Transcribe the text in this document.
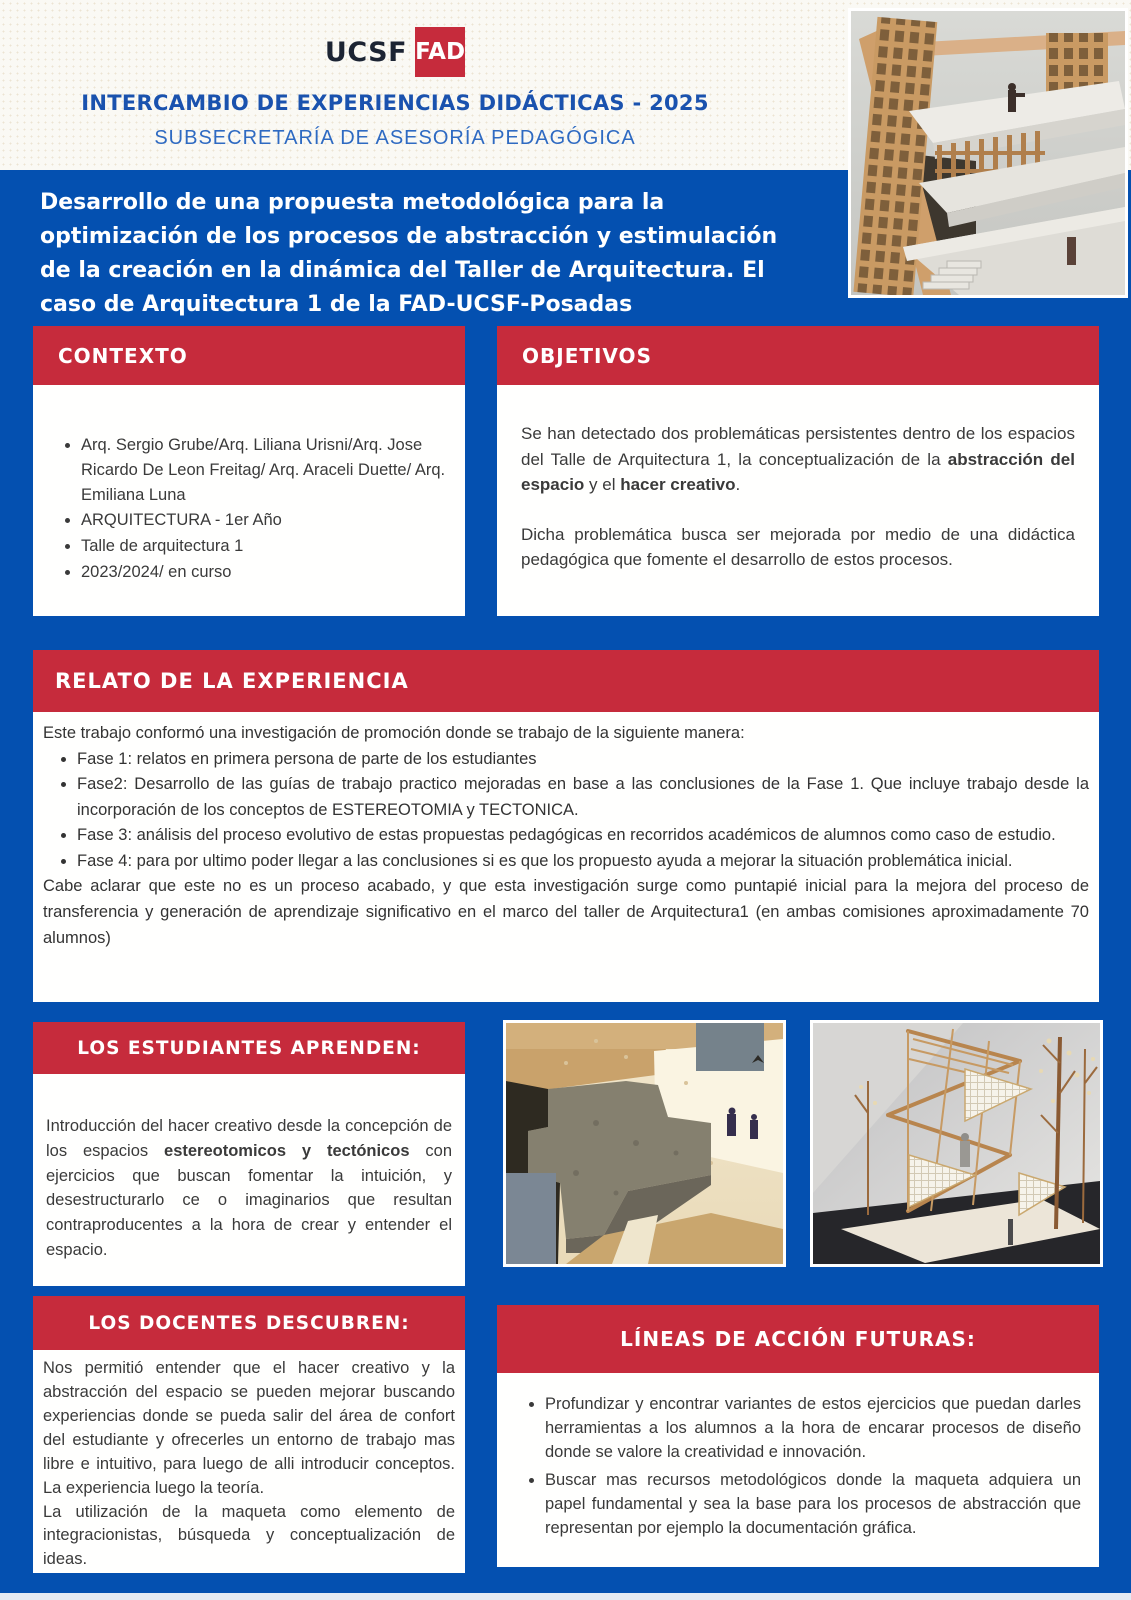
UCSF FAD
INTERCAMBIO DE EXPERIENCIAS DIDÁCTICAS - 2025
SUBSECRETARÍA DE ASESORÍA PEDAGÓGICA
Desarrollo de una propuesta metodológica para la optimización de los procesos de abstracción y estimulación de la creación en la dinámica del Taller de Arquitectura. El caso de Arquitectura 1 de la FAD-UCSF-Posadas
CONTEXTO
• Arq. Sergio Grube/Arq. Liliana Urisni/Arq. Jose Ricardo De Leon Freitag/ Arq. Araceli Duette/ Arq. Emiliana Luna
• ARQUITECTURA - 1er Año
• Talle de arquitectura 1
• 2023/2024/ en curso
OBJETIVOS

Se han detectado dos problemáticas persistentes dentro de los espacios del Talle de Arquitectura 1, la conceptualización de la abstracción del espacio y el hacer creativo.

Dicha problemática busca ser mejorada por medio de una didáctica pedagógica que fomente el desarrollo de estos procesos.

RELATO DE LA EXPERIENCIA
Este trabajo conformó una investigación de promoción donde se trabajo de la siguiente manera:
• Fase 1: relatos en primera persona de parte de los estudiantes
• Fase2: Desarrollo de las guías de trabajo practico mejoradas en base a las conclusiones de la Fase 1. Que incluye trabajo desde la incorporación de los conceptos de ESTEREOTOMIA y TECTONICA.
• Fase 3: análisis del proceso evolutivo de estas propuestas pedagógicas en recorridos académicos de alumnos como caso de estudio.
• Fase 4: para por ultimo poder llegar a las conclusiones si es que los propuesto ayuda a mejorar la situación problemática inicial.
Cabe aclarar que este no es un proceso acabado, y que esta investigación surge como puntapié inicial para la mejora del proceso de transferencia y generación de aprendizaje significativo en el marco del taller de Arquitectura1 (en ambas comisiones aproximadamente 70 alumnos)
LOS ESTUDIANTES APRENDEN:

Introducción del hacer creativo desde la concepción de los espacios estereotomicos y tectónicos con ejercicios que buscan fomentar la intuición, y desestructurarlo ce o imaginarios que resultan contraproducentes a la hora de crear y entender el espacio.

LOS DOCENTES DESCUBREN:

Nos permitió entender que el hacer creativo y la abstracción del espacio se pueden mejorar buscando experiencias donde se pueda salir del área de confort del estudiante y ofrecerles un entorno de trabajo mas libre e intuitivo, para luego de alli introducir conceptos. La experiencia luego la teoría.

La utilización de la maqueta como elemento de integracionistas, búsqueda y conceptualización de ideas.

LÍNEAS DE ACCIÓN FUTURAS:
• Profundizar y encontrar variantes de estos ejercicios que puedan darles herramientas a los alumnos a la hora de encarar procesos de diseño donde se valore la creatividad e innovación.
• Buscar mas recursos metodológicos donde la maqueta adquiera un papel fundamental y sea la base para los procesos de abstracción que representan por ejemplo la documentación gráfica.
